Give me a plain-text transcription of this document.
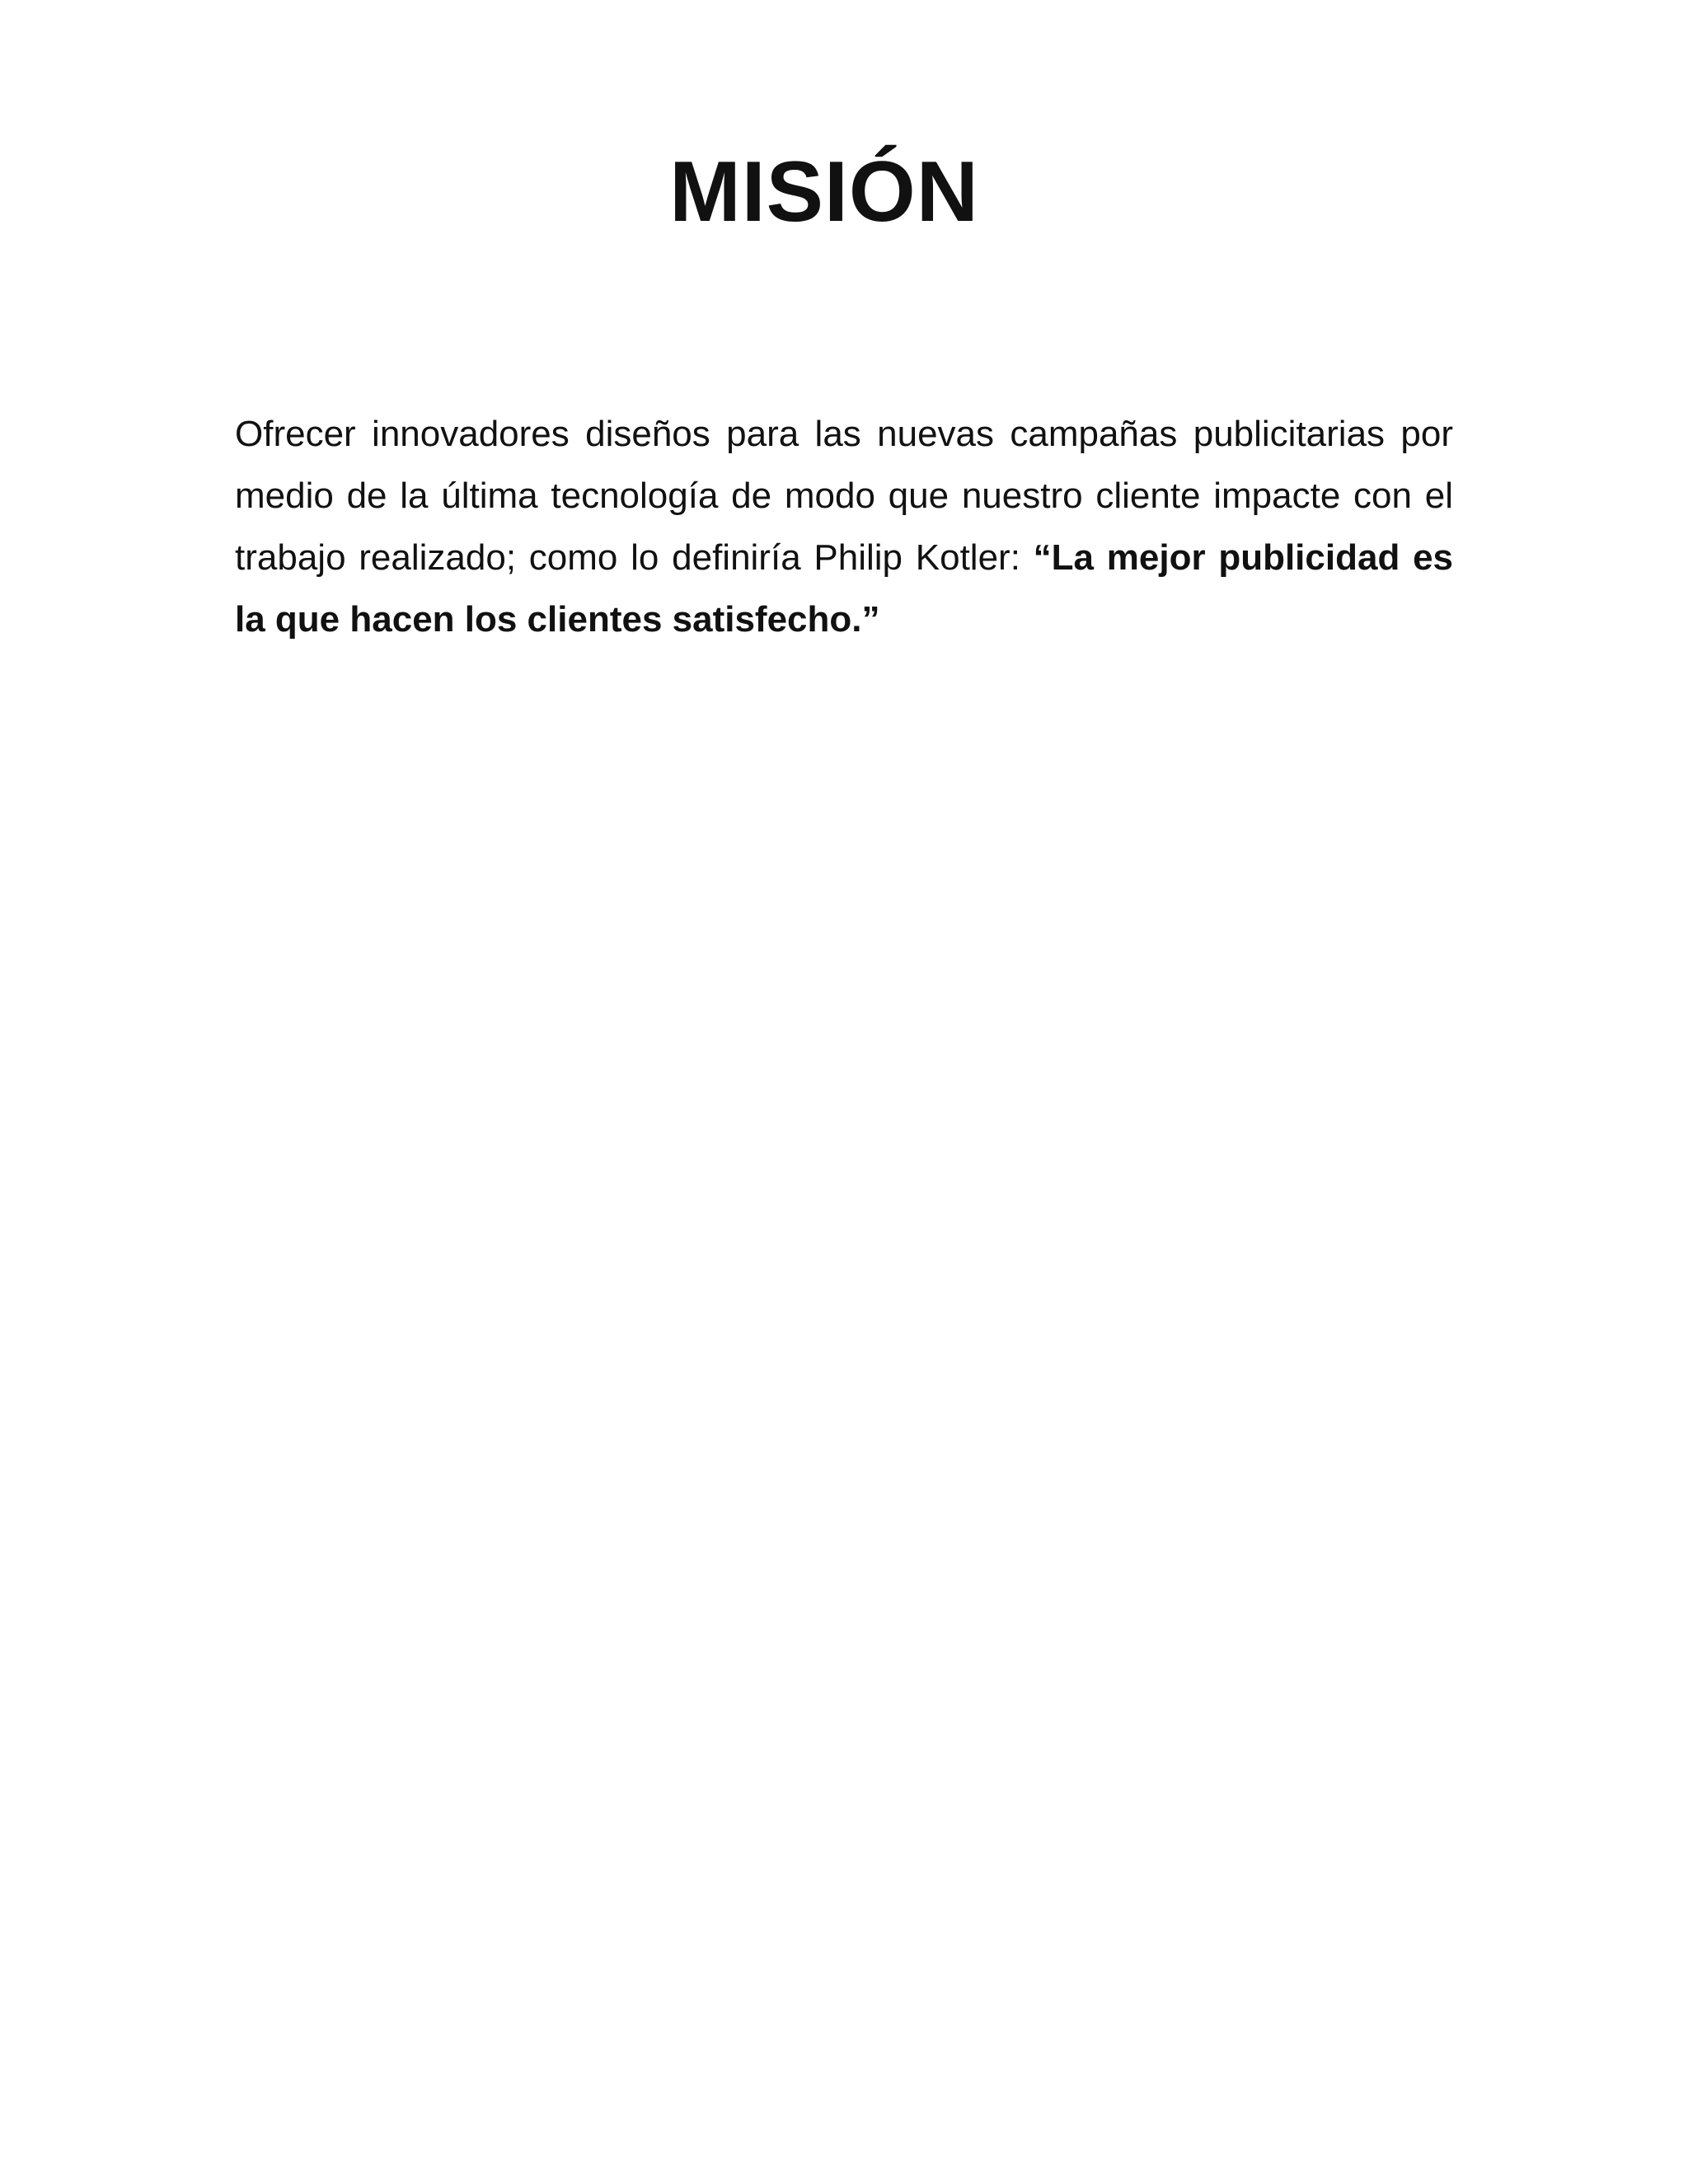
MISIÓN

Ofrecer innovadores diseños para las nuevas campañas publicitarias por medio de la última tecnología de modo que nuestro cliente impacte con el trabajo realizado; como lo definiría Philip Kotler: “La mejor publicidad es la que hacen los clientes satisfecho.”
